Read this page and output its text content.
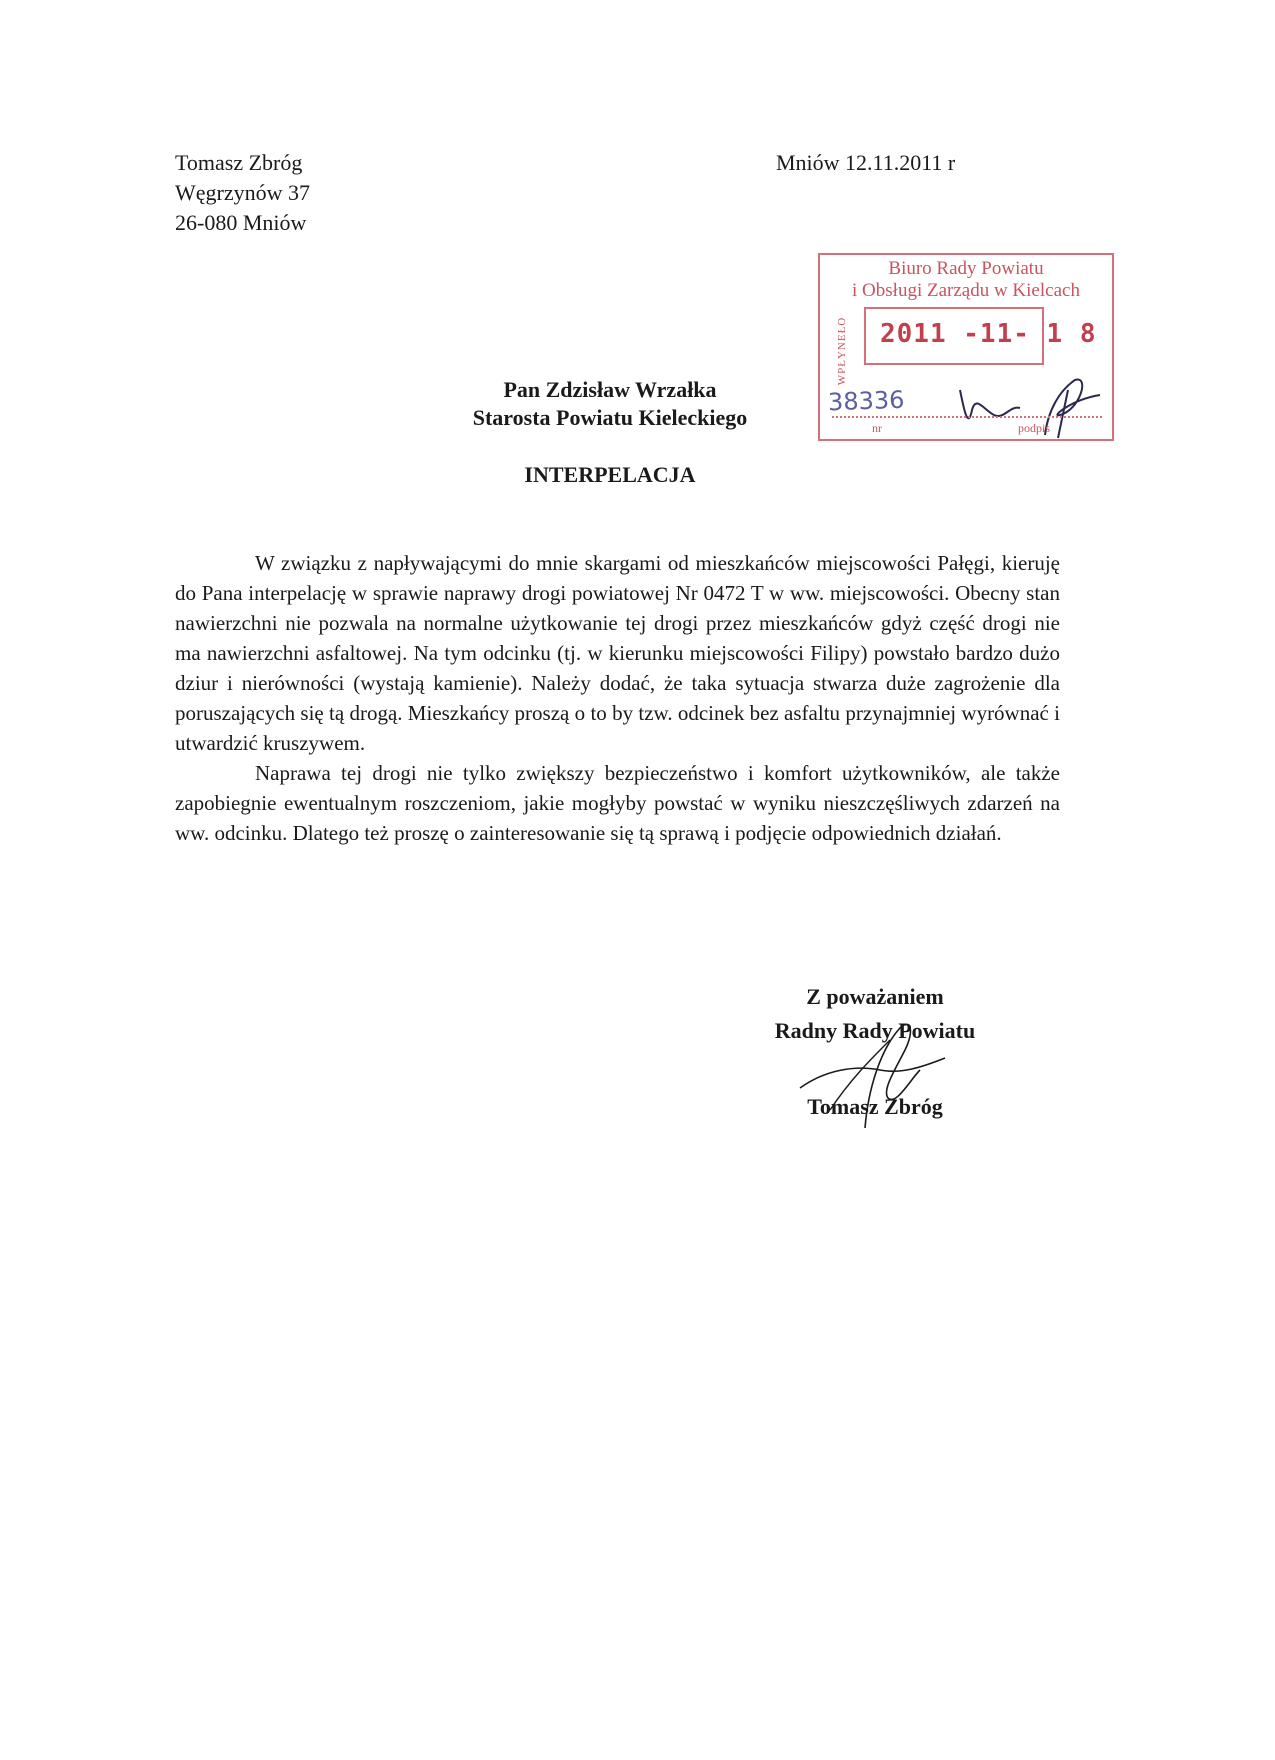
Tomasz Zbróg
Węgrzynów 37
26-080 Mniów
Mniów 12.11.2011 r
Biuro Rady Powiatu
i Obsługi Zarządu w Kielcach
WPŁYNEŁO 2011 -11- 1 8
38336
nr	podpis
Pan Zdzisław Wrzałka
Starosta Powiatu Kieleckiego
INTERPELACJA

W związku z napływającymi do mnie skargami od mieszkańców miejscowości Pałęgi, kieruję do Pana interpelację w sprawie naprawy drogi powiatowej Nr 0472 T w ww. miejscowości. Obecny stan nawierzchni nie pozwala na normalne użytkowanie tej drogi przez mieszkańców gdyż część drogi nie ma nawierzchni asfaltowej. Na tym odcinku (tj. w kierunku miejscowości Filipy) powstało bardzo dużo dziur i nierówności (wystają kamienie). Należy dodać, że taka sytuacja stwarza duże zagrożenie dla poruszających się tą drogą. Mieszkańcy proszą o to by tzw. odcinek bez asfaltu przynajmniej wyrównać i utwardzić kruszywem.

Naprawa tej drogi nie tylko zwiększy bezpieczeństwo i komfort użytkowników, ale także zapobiegnie ewentualnym roszczeniom, jakie mogłyby powstać w wyniku nieszczęśliwych zdarzeń na ww. odcinku. Dlatego też proszę o zainteresowanie się tą sprawą i podjęcie odpowiednich działań.

Z poważaniem
Radny Rady Powiatu
Tomasz Zbróg
